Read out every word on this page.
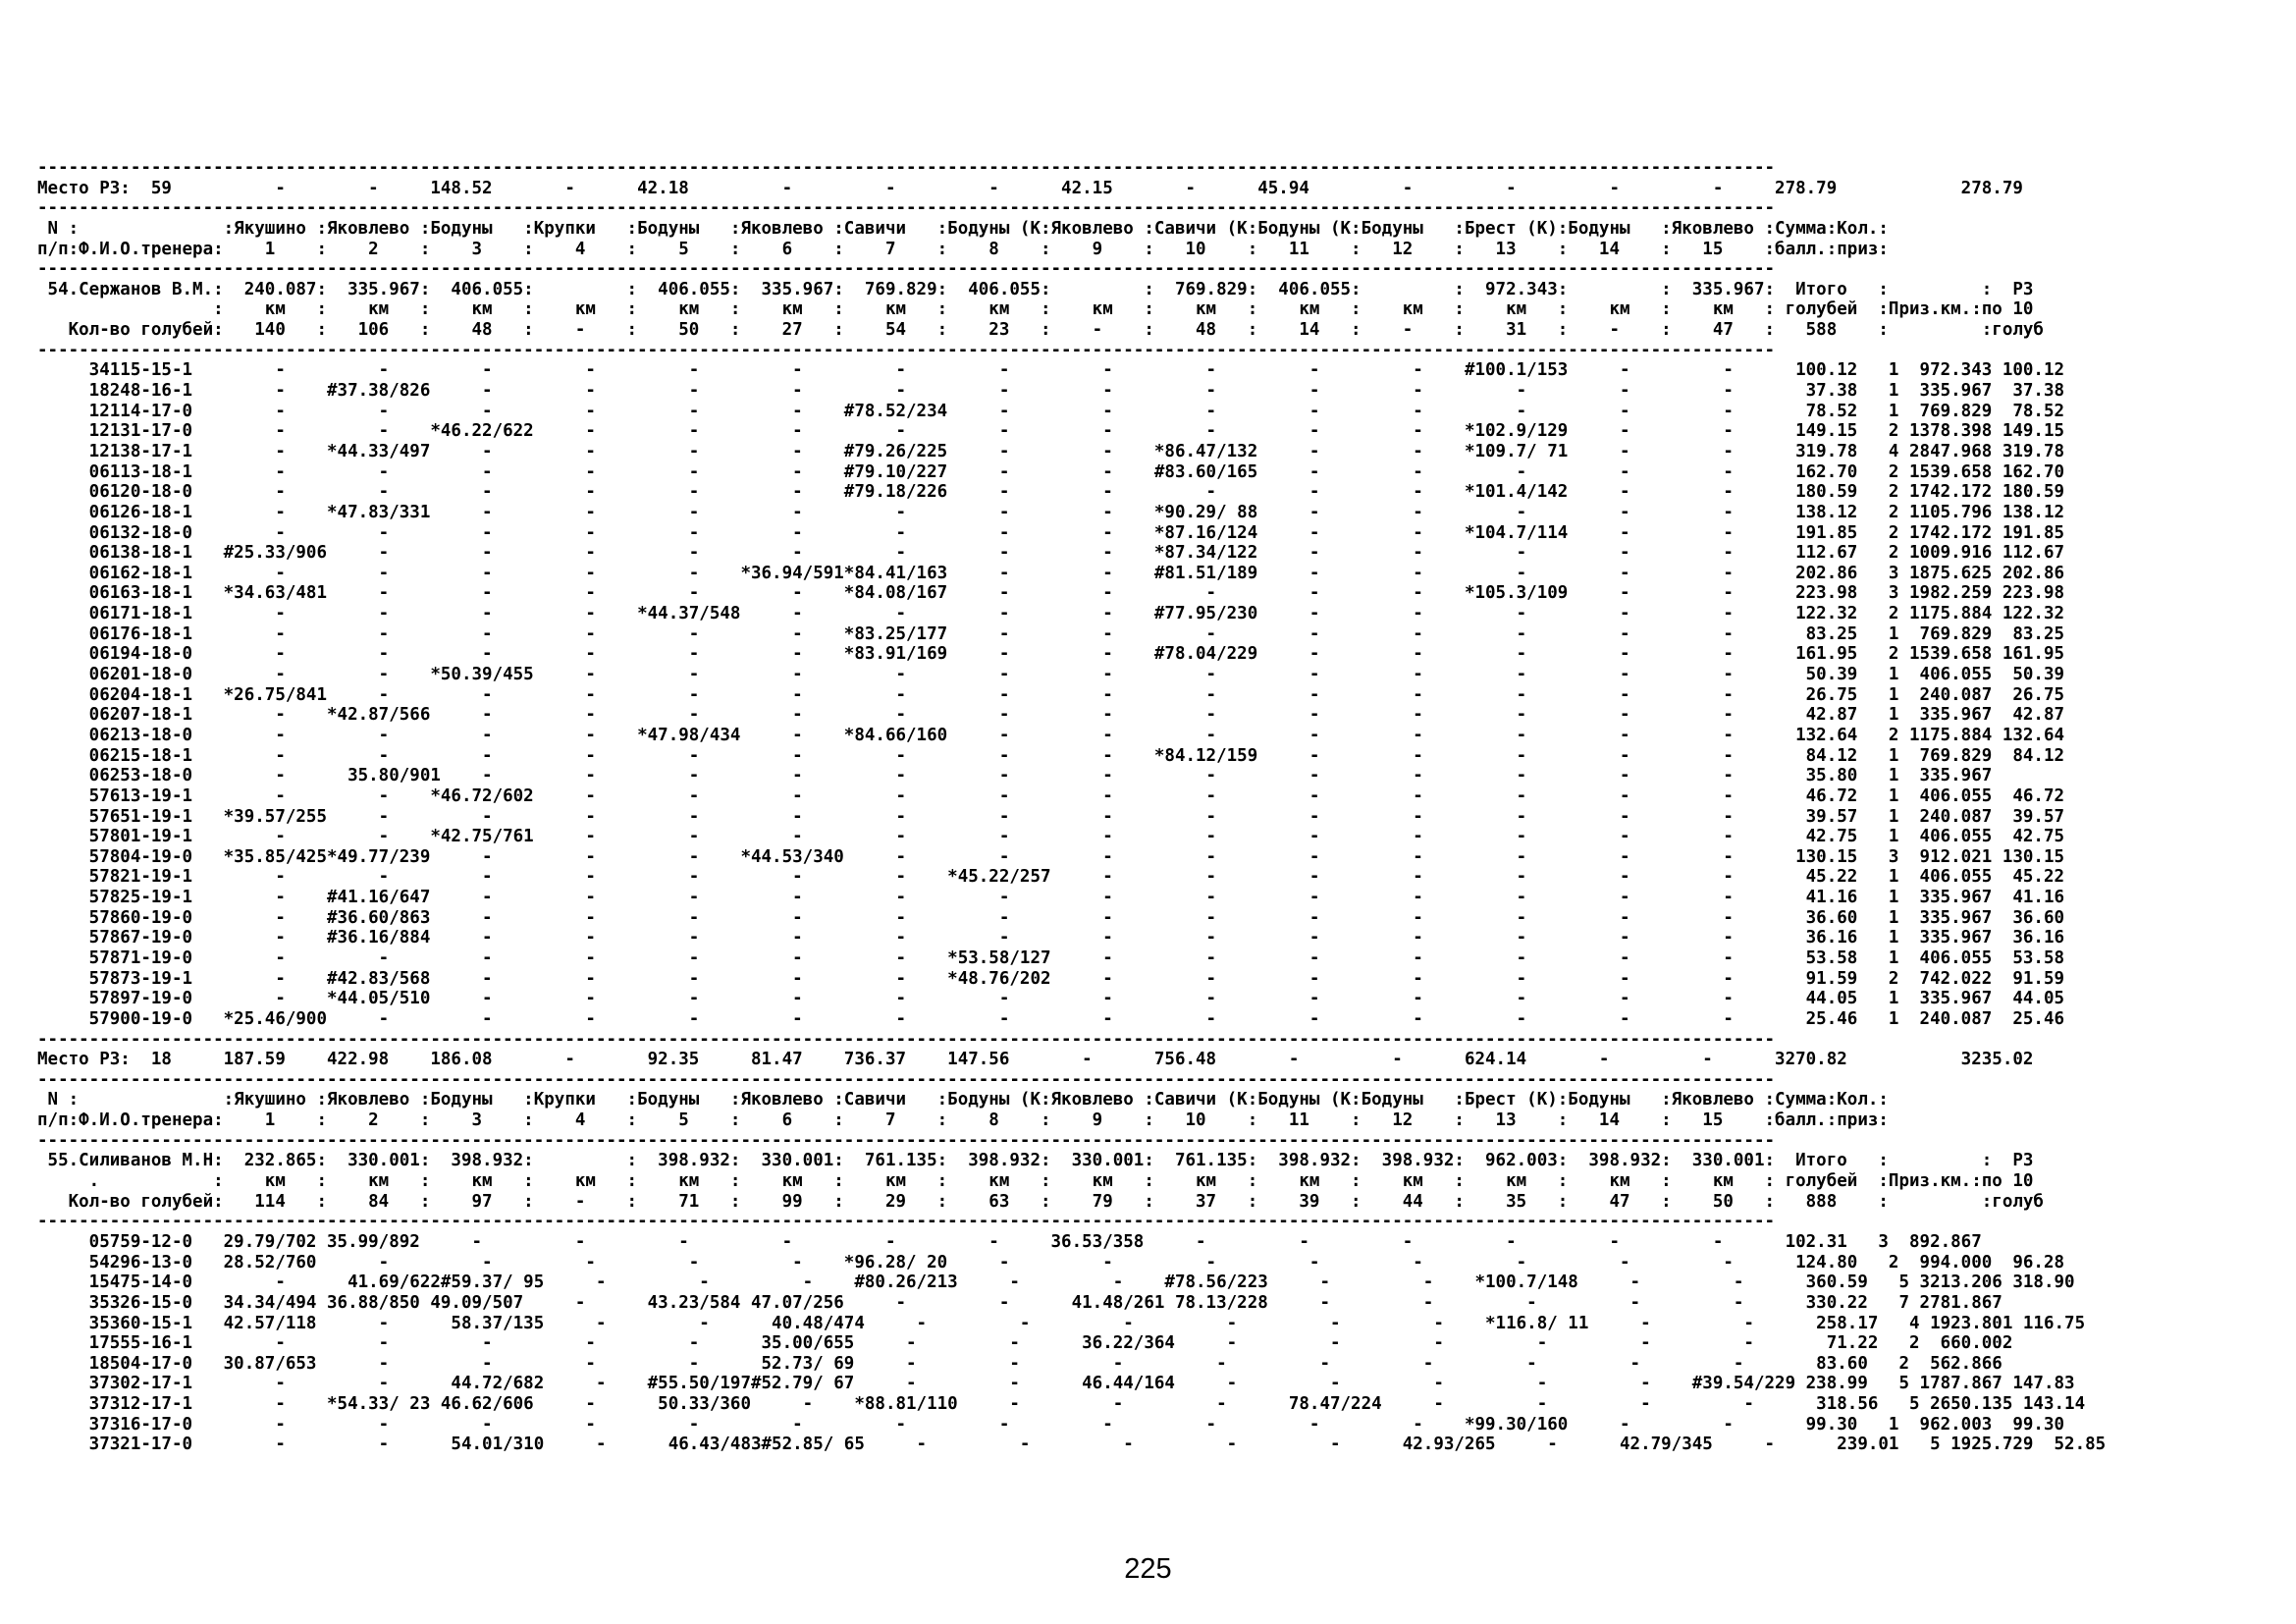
------------------------------------------------------------------------------------------------------------------------------------------------------------------------
Место РЗ:  59          -        -     148.52       -      42.18         -         -         -      42.15       -      45.94         -         -         -         -     278.79            278.79
------------------------------------------------------------------------------------------------------------------------------------------------------------------------
N :              :Якушино :Яковлево :Бодуны   :Крупки   :Бодуны   :Яковлево :Савичи   :Бодуны (К:Яковлево :Савичи (К:Бодуны (К:Бодуны   :Брест (К):Бодуны   :Яковлево :Сумма:Кол.:
п/п:Ф.И.О.тренера:    1    :    2    :    3    :    4    :    5    :    6    :    7    :    8    :    9    :   10    :   11    :   12    :   13    :   14    :   15    :балл.:приз:
------------------------------------------------------------------------------------------------------------------------------------------------------------------------
54.Сержанов В.М.:  240.087:  335.967:  406.055:         :  406.055:  335.967:  769.829:  406.055:         :  769.829:  406.055:         :  972.343:         :  335.967:  Итого   :         :  РЗ
:    км   :    км   :    км   :    км   :    км   :    км   :    км   :    км   :    км   :    км   :    км   :    км   :    км   :    км   :    км   : голубей  :Приз.км.:по 10
Кол-во голубей:   140   :   106   :    48   :    -    :    50   :    27   :    54   :    23   :    -    :    48   :    14   :    -    :    31   :    -    :    47   :   588    :         :голуб
------------------------------------------------------------------------------------------------------------------------------------------------------------------------
34115-15-1        -         -         -         -         -         -         -         -         -         -         -         -    #100.1/153     -         -      100.12   1  972.343 100.12
18248-16-1        -    #37.38/826     -         -         -         -         -         -         -         -         -         -         -         -         -       37.38   1  335.967  37.38
12114-17-0        -         -         -         -         -         -    #78.52/234     -         -         -         -         -         -         -         -       78.52   1  769.829  78.52
12131-17-0        -         -    *46.22/622     -         -         -         -         -         -         -         -         -    *102.9/129     -         -      149.15   2 1378.398 149.15
12138-17-1        -    *44.33/497     -         -         -         -    #79.26/225     -         -    *86.47/132     -         -    *109.7/ 71     -         -      319.78   4 2847.968 319.78
06113-18-1        -         -         -         -         -         -    #79.10/227     -         -    #83.60/165     -         -         -         -         -      162.70   2 1539.658 162.70
06120-18-0        -         -         -         -         -         -    #79.18/226     -         -         -         -         -    *101.4/142     -         -      180.59   2 1742.172 180.59
06126-18-1        -    *47.83/331     -         -         -         -         -         -         -    *90.29/ 88     -         -         -         -         -      138.12   2 1105.796 138.12
06132-18-0        -         -         -         -         -         -         -         -         -    *87.16/124     -         -    *104.7/114     -         -      191.85   2 1742.172 191.85
06138-18-1   #25.33/906     -         -         -         -         -         -         -         -    *87.34/122     -         -         -         -         -      112.67   2 1009.916 112.67
06162-18-1        -         -         -         -         -    *36.94/591*84.41/163     -         -    #81.51/189     -         -         -         -         -      202.86   3 1875.625 202.86
06163-18-1   *34.63/481     -         -         -         -         -    *84.08/167     -         -         -         -         -    *105.3/109     -         -      223.98   3 1982.259 223.98
06171-18-1        -         -         -         -    *44.37/548     -         -         -         -    #77.95/230     -         -         -         -         -      122.32   2 1175.884 122.32
06176-18-1        -         -         -         -         -         -    *83.25/177     -         -         -         -         -         -         -         -       83.25   1  769.829  83.25
06194-18-0        -         -         -         -         -         -    *83.91/169     -         -    #78.04/229     -         -         -         -         -      161.95   2 1539.658 161.95
06201-18-0        -         -    *50.39/455     -         -         -         -         -         -         -         -         -         -         -         -       50.39   1  406.055  50.39
06204-18-1   *26.75/841     -         -         -         -         -         -         -         -         -         -         -         -         -         -       26.75   1  240.087  26.75
06207-18-1        -    *42.87/566     -         -         -         -         -         -         -         -         -         -         -         -         -       42.87   1  335.967  42.87
06213-18-0        -         -         -         -    *47.98/434     -    *84.66/160     -         -         -         -         -         -         -         -      132.64   2 1175.884 132.64
06215-18-1        -         -         -         -         -         -         -         -         -    *84.12/159     -         -         -         -         -       84.12   1  769.829  84.12
06253-18-0        -      35.80/901    -         -         -         -         -         -         -         -         -         -         -         -         -       35.80   1  335.967
57613-19-1        -         -    *46.72/602     -         -         -         -         -         -         -         -         -         -         -         -       46.72   1  406.055  46.72
57651-19-1   *39.57/255     -         -         -         -         -         -         -         -         -         -         -         -         -         -       39.57   1  240.087  39.57
57801-19-1        -         -    *42.75/761     -         -         -         -         -         -         -         -         -         -         -         -       42.75   1  406.055  42.75
57804-19-0   *35.85/425*49.77/239     -         -         -    *44.53/340     -         -         -         -         -         -         -         -         -      130.15   3  912.021 130.15
57821-19-1        -         -         -         -         -         -         -    *45.22/257     -         -         -         -         -         -         -       45.22   1  406.055  45.22
57825-19-1        -    #41.16/647     -         -         -         -         -         -         -         -         -         -         -         -         -       41.16   1  335.967  41.16
57860-19-0        -    #36.60/863     -         -         -         -         -         -         -         -         -         -         -         -         -       36.60   1  335.967  36.60
57867-19-0        -    #36.16/884     -         -         -         -         -         -         -         -         -         -         -         -         -       36.16   1  335.967  36.16
57871-19-0        -         -         -         -         -         -         -    *53.58/127     -         -         -         -         -         -         -       53.58   1  406.055  53.58
57873-19-1        -    #42.83/568     -         -         -         -         -    *48.76/202     -         -         -         -         -         -         -       91.59   2  742.022  91.59
57897-19-0        -    *44.05/510     -         -         -         -         -         -         -         -         -         -         -         -         -       44.05   1  335.967  44.05
57900-19-0   *25.46/900     -         -         -         -         -         -         -         -         -         -         -         -         -         -       25.46   1  240.087  25.46
------------------------------------------------------------------------------------------------------------------------------------------------------------------------
Место РЗ:  18     187.59    422.98    186.08       -       92.35     81.47    736.37    147.56       -      756.48       -         -      624.14       -         -      3270.82           3235.02
------------------------------------------------------------------------------------------------------------------------------------------------------------------------
N :              :Якушино :Яковлево :Бодуны   :Крупки   :Бодуны   :Яковлево :Савичи   :Бодуны (К:Яковлево :Савичи (К:Бодуны (К:Бодуны   :Брест (К):Бодуны   :Яковлево :Сумма:Кол.:
п/п:Ф.И.О.тренера:    1    :    2    :    3    :    4    :    5    :    6    :    7    :    8    :    9    :   10    :   11    :   12    :   13    :   14    :   15    :балл.:приз:
------------------------------------------------------------------------------------------------------------------------------------------------------------------------
55.Силиванов М.Н:  232.865:  330.001:  398.932:         :  398.932:  330.001:  761.135:  398.932:  330.001:  761.135:  398.932:  398.932:  962.003:  398.932:  330.001:  Итого   :         :  РЗ
.           :    км   :    км   :    км   :    км   :    км   :    км   :    км   :    км   :    км   :    км   :    км   :    км   :    км   :    км   :    км   : голубей  :Приз.км.:по 10
Кол-во голубей:   114   :    84   :    97   :    -    :    71   :    99   :    29   :    63   :    79   :    37   :    39   :    44   :    35   :    47   :    50   :   888    :         :голуб
------------------------------------------------------------------------------------------------------------------------------------------------------------------------
05759-12-0   29.79/702 35.99/892     -         -         -         -         -         -     36.53/358     -         -         -         -         -         -      102.31   3  892.867
54296-13-0   28.52/760      -         -         -         -         -    *96.28/ 20     -         -         -         -         -         -         -         -      124.80   2  994.000  96.28
15475-14-0        -      41.69/622#59.37/ 95     -         -         -    #80.26/213     -         -    #78.56/223     -         -    *100.7/148     -         -      360.59   5 3213.206 318.90
35326-15-0   34.34/494 36.88/850 49.09/507     -      43.23/584 47.07/256     -         -      41.48/261 78.13/228     -         -         -         -         -      330.22   7 2781.867
35360-15-1   42.57/118      -      58.37/135     -         -      40.48/474     -         -         -         -         -         -    *116.8/ 11     -         -      258.17   4 1923.801 116.75
17555-16-1        -         -         -         -         -      35.00/655     -         -      36.22/364     -         -         -         -         -         -       71.22   2  660.002
18504-17-0   30.87/653      -         -         -         -      52.73/ 69     -         -         -         -         -         -         -         -         -       83.60   2  562.866
37302-17-1        -         -      44.72/682     -    #55.50/197#52.79/ 67     -         -      46.44/164     -         -         -         -         -    #39.54/229 238.99   5 1787.867 147.83
37312-17-1        -    *54.33/ 23 46.62/606     -      50.33/360     -    *88.81/110     -         -         -      78.47/224     -         -         -         -      318.56   5 2650.135 143.14
37316-17-0        -         -         -         -         -         -         -         -         -         -         -         -    *99.30/160     -         -       99.30   1  962.003  99.30
37321-17-0        -         -      54.01/310     -      46.43/483#52.85/ 65     -         -         -         -         -      42.93/265     -      42.79/345     -      239.01   5 1925.729  52.85
225
